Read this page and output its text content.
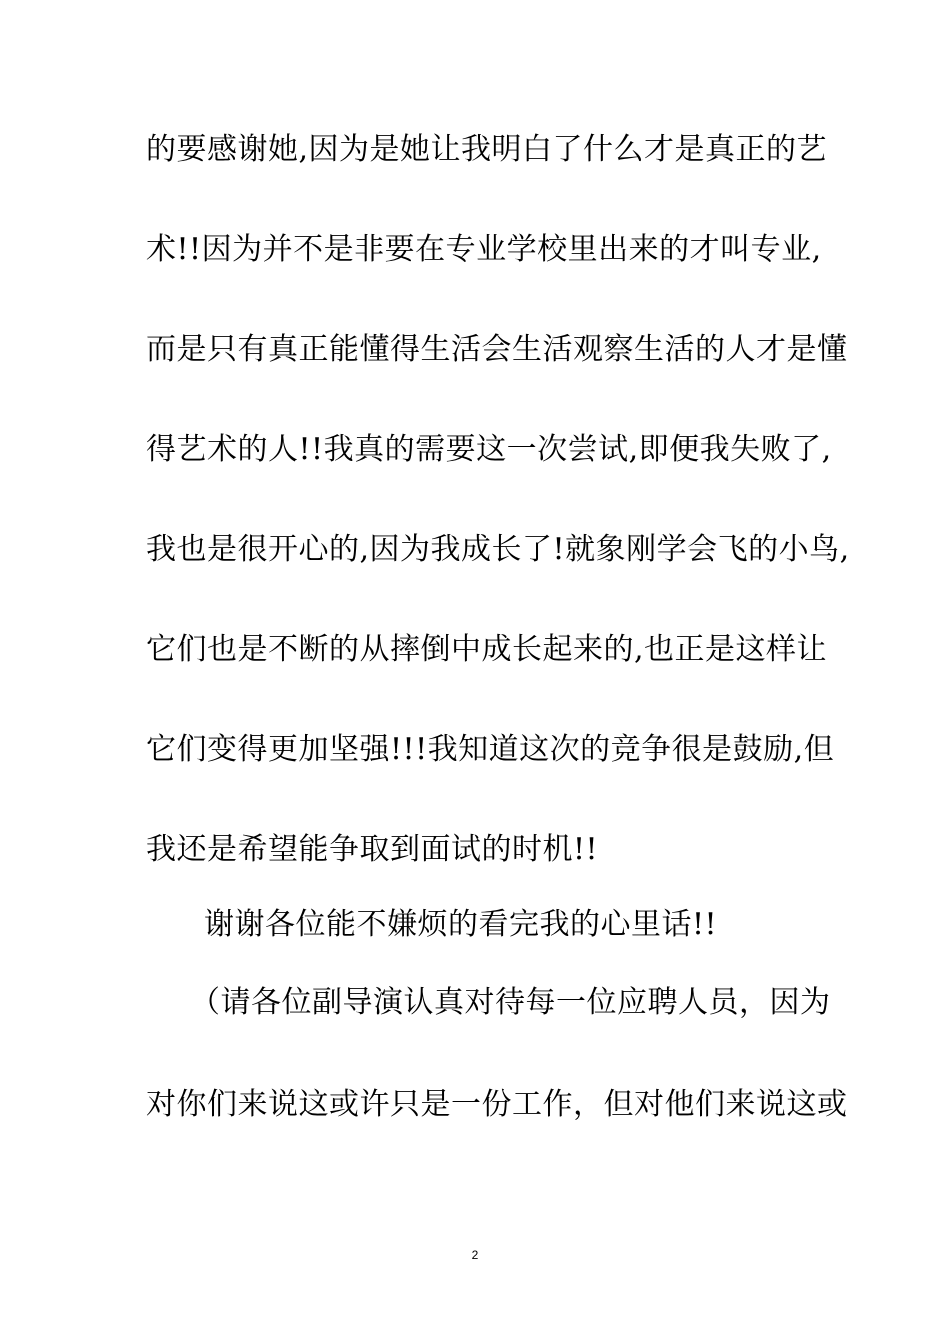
的要感谢她,因为是她让我明白了什么才是真正的艺
术!!因为并不是非要在专业学校里出来的才叫专业,
而是只有真正能懂得生活会生活观察生活的人才是懂
得艺术的人!!我真的需要这一次尝试,即便我失败了,
我也是很开心的,因为我成长了!就象刚学会飞的小鸟,
它们也是不断的从摔倒中成长起来的,也正是这样让
它们变得更加坚强!!!我知道这次的竞争很是鼓励,但
我还是希望能争取到面试的时机!!
谢谢各位能不嫌烦的看完我的心里话!!
（请各位副导演认真对待每一位应聘人员，因为
对你们来说这或许只是一份工作，但对他们来说这或
2
